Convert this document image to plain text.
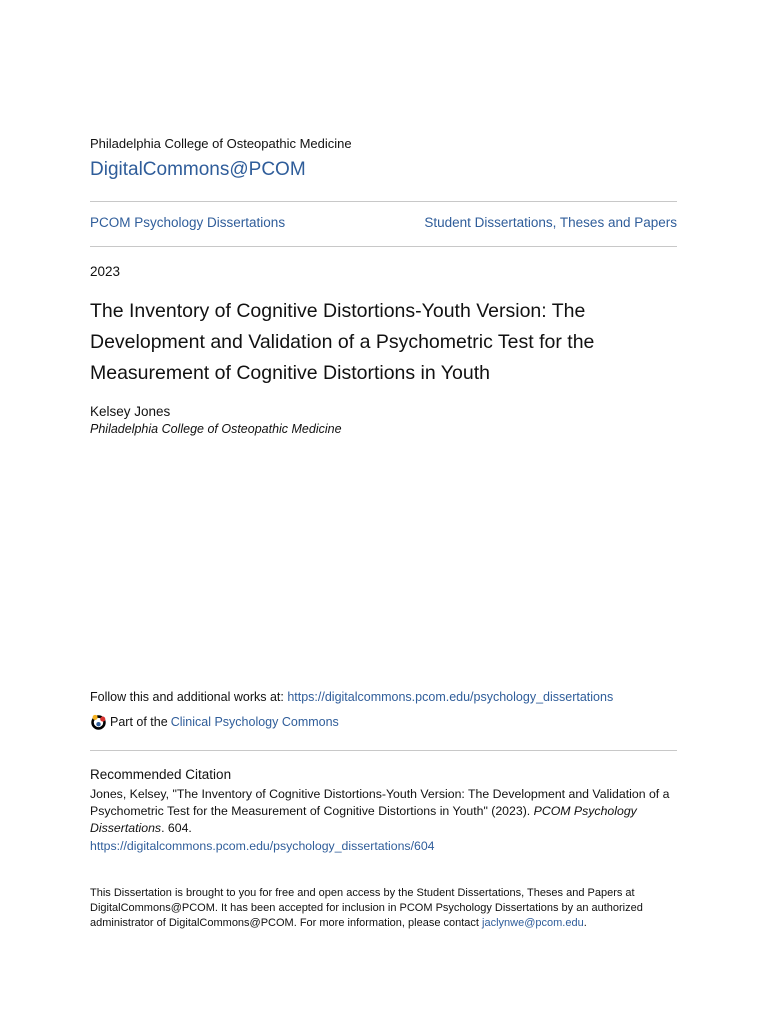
Philadelphia College of Osteopathic Medicine
DigitalCommons@PCOM
PCOM Psychology Dissertations	Student Dissertations, Theses and Papers
2023
The Inventory of Cognitive Distortions-Youth Version: The Development and Validation of a Psychometric Test for the Measurement of Cognitive Distortions in Youth
Kelsey Jones
Philadelphia College of Osteopathic Medicine
Follow this and additional works at: https://digitalcommons.pcom.edu/psychology_dissertations
Part of the Clinical Psychology Commons
Recommended Citation
Jones, Kelsey, "The Inventory of Cognitive Distortions-Youth Version: The Development and Validation of a Psychometric Test for the Measurement of Cognitive Distortions in Youth" (2023). PCOM Psychology Dissertations. 604.
https://digitalcommons.pcom.edu/psychology_dissertations/604
This Dissertation is brought to you for free and open access by the Student Dissertations, Theses and Papers at DigitalCommons@PCOM. It has been accepted for inclusion in PCOM Psychology Dissertations by an authorized administrator of DigitalCommons@PCOM. For more information, please contact jaclynwe@pcom.edu.
